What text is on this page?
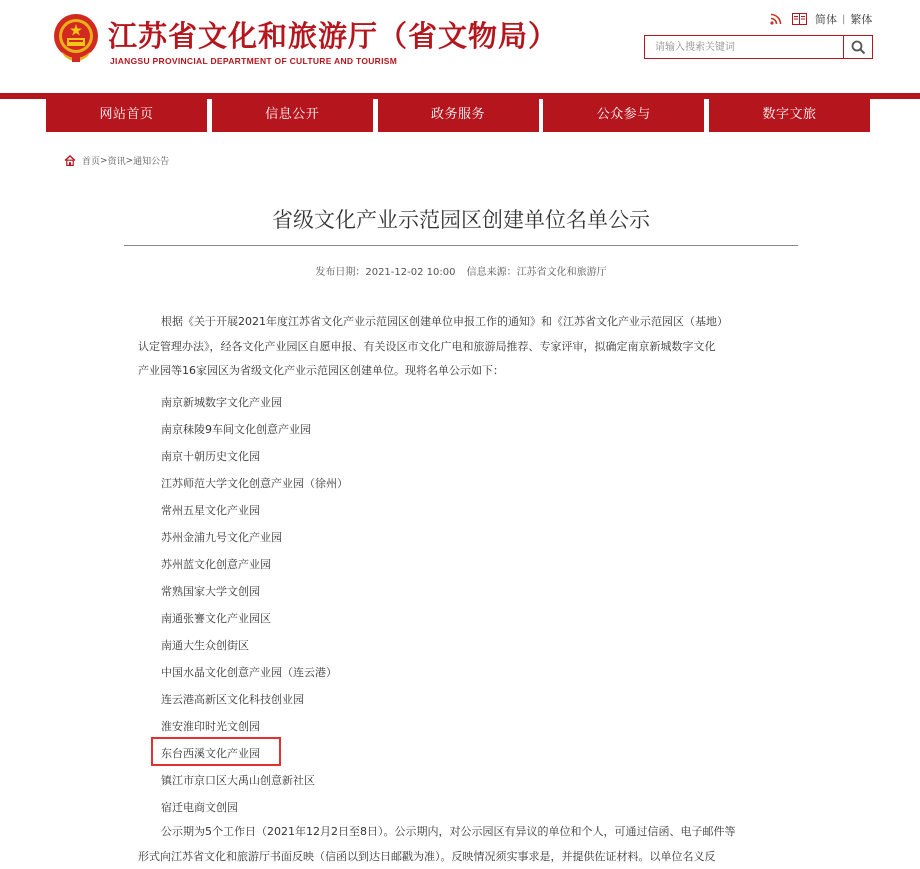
江苏省文化和旅游厅（省文物局）
JIANGSU PROVINCIAL DEPARTMENT OF CULTURE AND TOURISM
简体 | 繁体
请输入搜索关键词
网站首页	信息公开	政务服务	公众参与	数字文旅
首页 > 资讯 > 通知公告
省级文化产业示范园区创建单位名单公示
发布日期：2021-12-02 10:00 信息来源：江苏省文化和旅游厅
根据《关于开展2021年度江苏省文化产业示范园区创建单位申报工作的通知》和《江苏省文化产业示范园区（基地）
认定管理办法》，经各文化产业园区自愿申报、有关设区市文化广电和旅游局推荐、专家评审，拟确定南京新城数字文化
产业园等16家园区为省级文化产业示范园区创建单位。现将名单公示如下：
南京新城数字文化产业园
南京秣陵9车间文化创意产业园
南京十朝历史文化园
江苏师范大学文化创意产业园（徐州）
常州五星文化产业园
苏州金浦九号文化产业园
苏州蓝文化创意产业园
常熟国家大学文创园
南通张謇文化产业园区
南通大生众创街区
中国水晶文化创意产业园（连云港）
连云港高新区文化科技创业园
淮安淮印时光文创园
东台西溪文化产业园
镇江市京口区大禹山创意新社区
宿迁电商文创园
公示期为5个工作日（2021年12月2日至8日）。公示期内，对公示园区有异议的单位和个人，可通过信函、电子邮件等
形式向江苏省文化和旅游厅书面反映（信函以到达日邮戳为准）。反映情况须实事求是，并提供佐证材料。以单位名义反
